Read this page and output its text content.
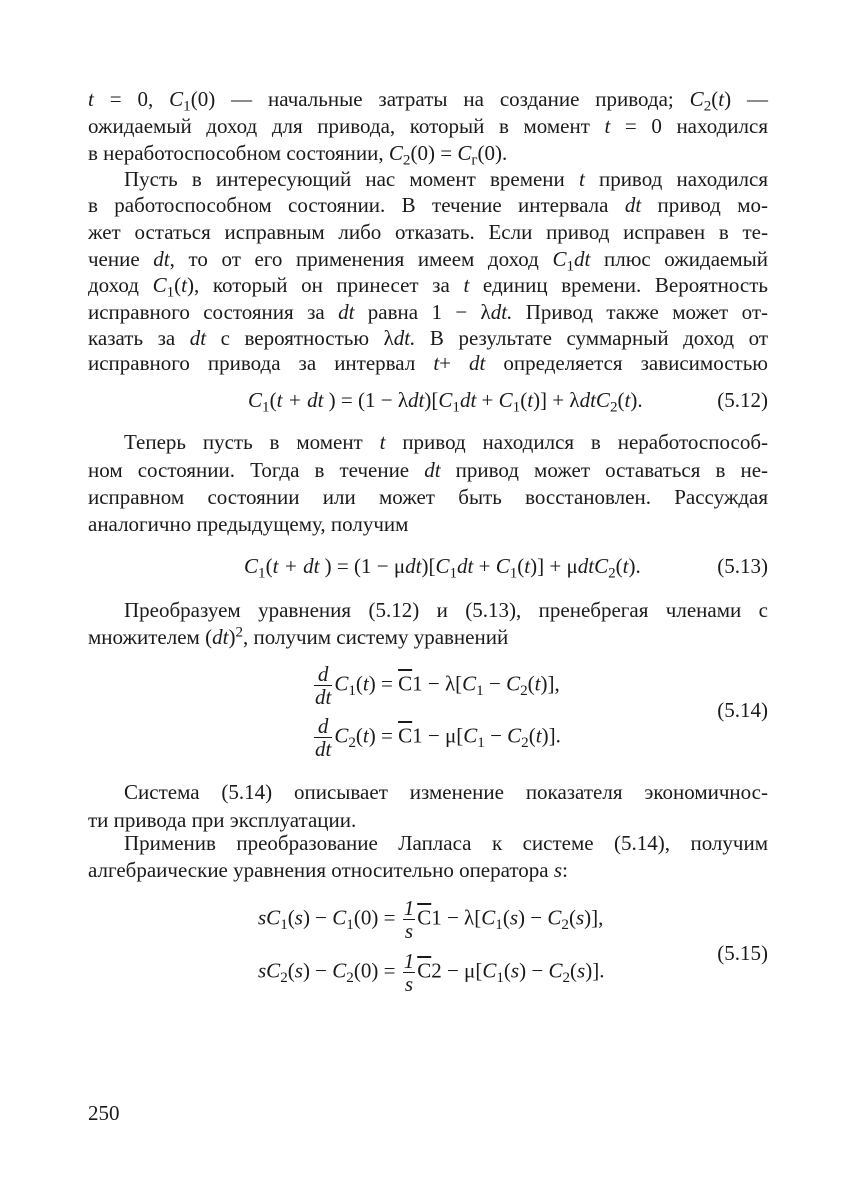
t = 0, $C_1(0)$ — начальные затраты на создание привода; $C_2(t)$ —
ожидаемый доход для привода, который в момент t = 0 находился
в неработоспособном состоянии, $C_2(0) = C_г(0)$.
Пусть в интересующий нас момент времени t привод находился
в работоспособном состоянии. В течение интервала dt привод мо-
жет остаться исправным либо отказать. Если привод исправен в те-
чение dt, то от его применения имеем доход $C_1dt$ плюс ожидаемый
доход $C_1(t)$, который он принесет за t единиц времени. Вероятность
исправного состояния за dt равна 1 − λdt. Привод также может от-
казать за dt с вероятностью λdt. В результате суммарный доход от
исправного привода за интервал t+ dt определяется зависимостью
Теперь пусть в момент t привод находился в неработоспособ-
ном состоянии. Тогда в течение dt привод может оставаться в не-
исправном состоянии или может быть восстановлен. Рассуждая
аналогично предыдущему, получим
Преобразуем уравнения (5.12) и (5.13), пренебрегая членами с
множителем (dt)$^2$, получим систему уравнений
Система (5.14) описывает изменение показателя экономичнос-
ти привода при эксплуатации.
Применив преобразование Лапласа к системе (5.14), получим
алгебраические уравнения относительно оператора s:
$C_1(t$ + dt ) = $(1 - \lambda dt)[C_1dt + C_1(t)] + \lambda dtC_2(t)$.	(5.12)
$C_1(t$ + dt ) = $(1 - \mu dt)[C_1dt + C_1(t)] + \mu dtC_2(t)$.	(5.13)
$\frac{d}{dt} C_1(t) = \overline{C}1 - \lambda[C_1 - C_2(t)]$,
$\frac{d}{dt} C_2(t) = \overline{C}1 - \mu[C_1 - C_2(t)]$.
(5.14)
$sC_1(s) - C_1(0) = \frac{1}{s} \overline{C}1 - \lambda[C_1(s) - C_2(s)]$,
$sC_2(s) - C_2(0) = \frac{1}{s} \overline{C}2 - \mu[C_1(s) - C_2(s)]$.
(5.15)
250
